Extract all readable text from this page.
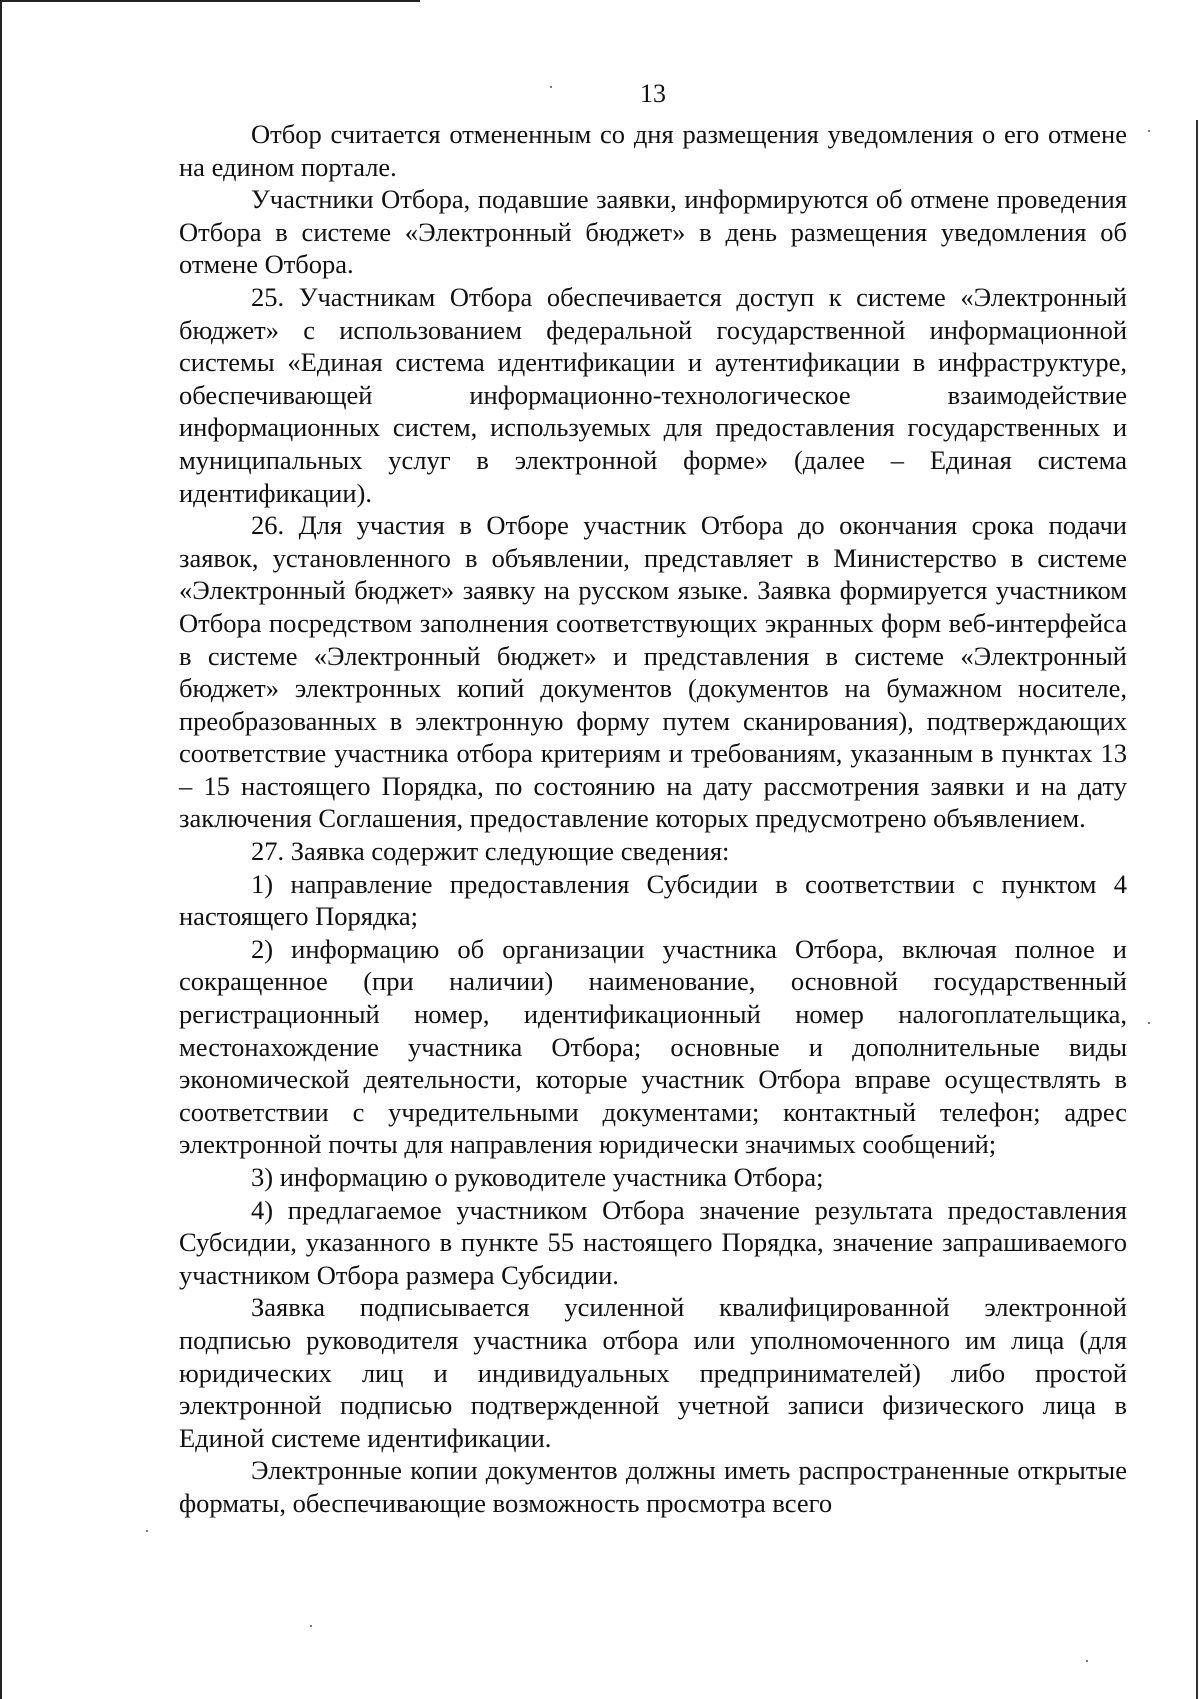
13

Отбор считается отмененным со дня размещения уведомления о его отмене на едином портале.

Участники Отбора, подавшие заявки, информируются об отмене проведения Отбора в системе «Электронный бюджет» в день размещения уведомления об отмене Отбора.

25. Участникам Отбора обеспечивается доступ к системе «Электронный бюджет» с использованием федеральной государственной информационной системы «Единая система идентификации и аутентификации в инфраструктуре, обеспечивающей информационно-технологическое взаимодействие информационных систем, используемых для предоставления государственных и муниципальных услуг в электронной форме» (далее – Единая система идентификации).

26. Для участия в Отборе участник Отбора до окончания срока подачи заявок, установленного в объявлении, представляет в Министерство в системе «Электронный бюджет» заявку на русском языке. Заявка формируется участником Отбора посредством заполнения соответствующих экранных форм веб-интерфейса в системе «Электронный бюджет» и представления в системе «Электронный бюджет» электронных копий документов (документов на бумажном носителе, преобразованных в электронную форму путем сканирования), подтверждающих соответствие участника отбора критериям и требованиям, указанным в пунктах 13 – 15 настоящего Порядка, по состоянию на дату рассмотрения заявки и на дату заключения Соглашения, предоставление которых предусмотрено объявлением.

27. Заявка содержит следующие сведения:

1) направление предоставления Субсидии в соответствии с пунктом 4 настоящего Порядка;

2) информацию об организации участника Отбора, включая полное и сокращенное (при наличии) наименование, основной государственный регистрационный номер, идентификационный номер налогоплательщика, местонахождение участника Отбора; основные и дополнительные виды экономической деятельности, которые участник Отбора вправе осуществлять в соответствии с учредительными документами; контактный телефон; адрес электронной почты для направления юридически значимых сообщений;

3) информацию о руководителе участника Отбора;

4) предлагаемое участником Отбора значение результата предоставления Субсидии, указанного в пункте 55 настоящего Порядка, значение запрашиваемого участником Отбора размера Субсидии.

Заявка подписывается усиленной квалифицированной электронной подписью руководителя участника отбора или уполномоченного им лица (для юридических лиц и индивидуальных предпринимателей) либо простой электронной подписью подтвержденной учетной записи физического лица в Единой системе идентификации.

Электронные копии документов должны иметь распространенные открытые форматы, обеспечивающие возможность просмотра всего
